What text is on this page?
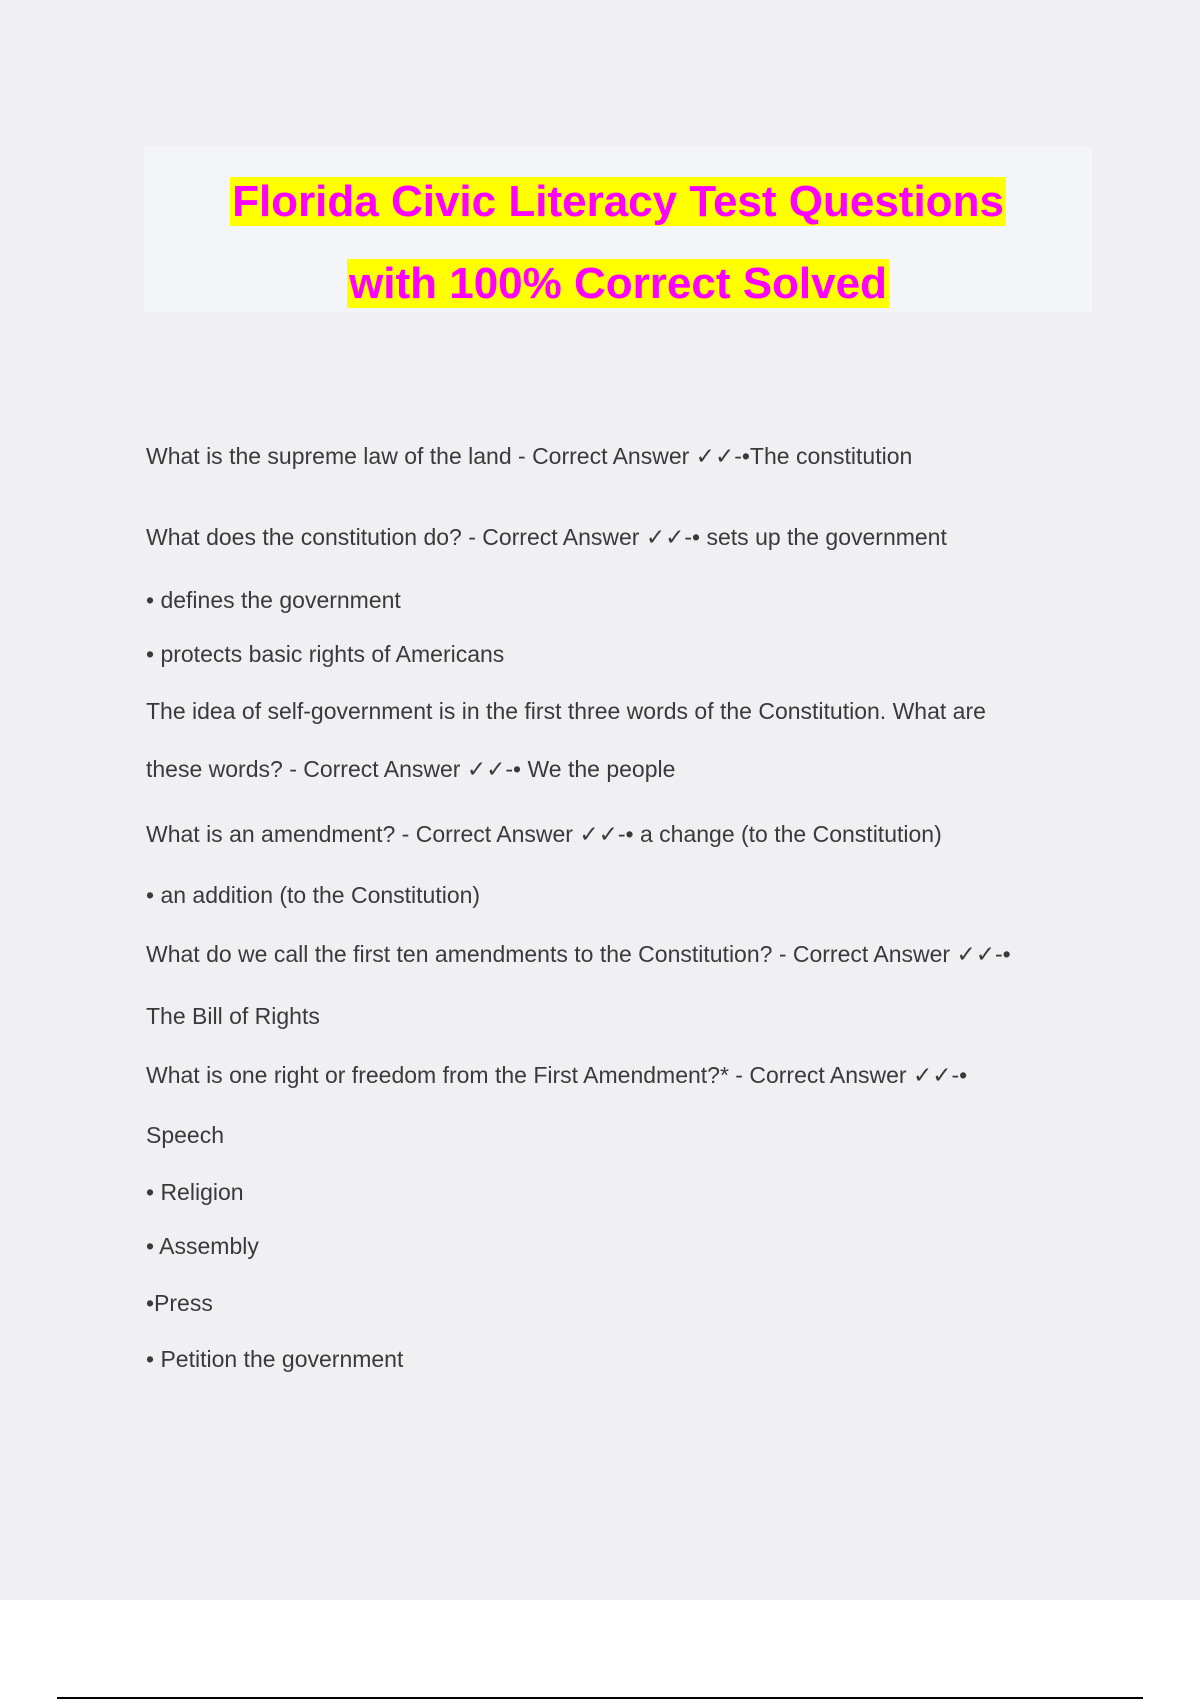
Florida Civic Literacy Test Questions
with 100% Correct Solved
What is the supreme law of the land - Correct Answer ✓✓-•The constitution
What does the constitution do? - Correct Answer ✓✓-• sets up the government
• defines the government
• protects basic rights of Americans
The idea of self-government is in the first three words of the Constitution. What are
these words? - Correct Answer ✓✓-• We the people
What is an amendment? - Correct Answer ✓✓-• a change (to the Constitution)
• an addition (to the Constitution)
What do we call the first ten amendments to the Constitution? - Correct Answer ✓✓-•
The Bill of Rights
What is one right or freedom from the First Amendment?* - Correct Answer ✓✓-•
Speech
• Religion
• Assembly
•Press
• Petition the government
